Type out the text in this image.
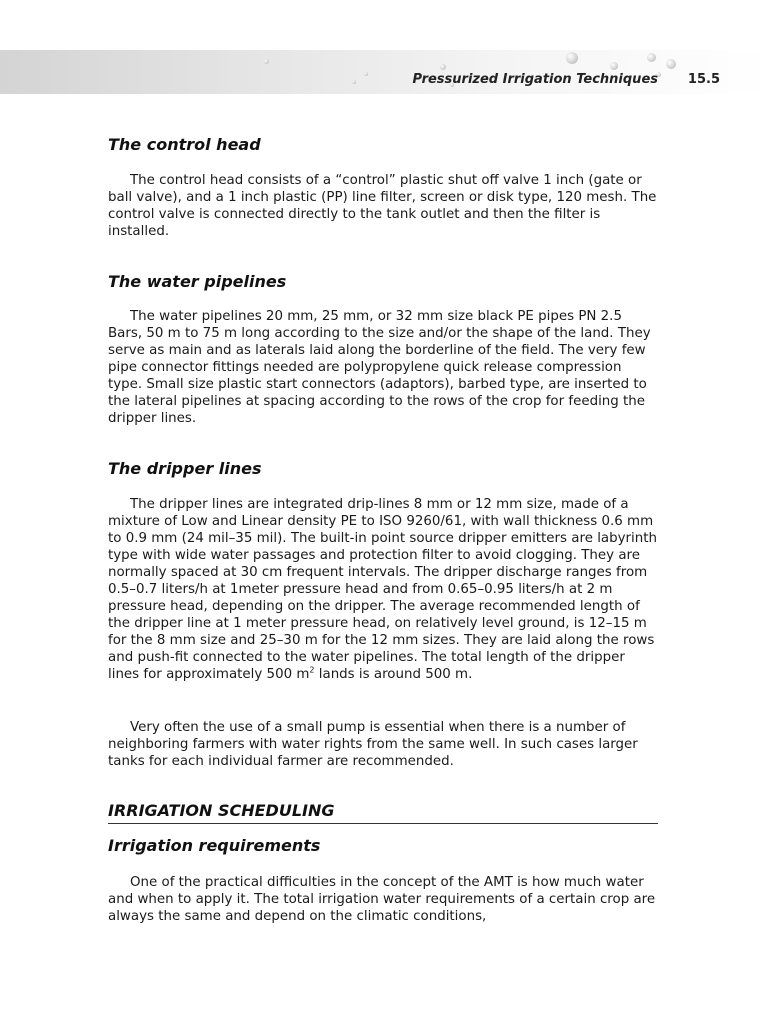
Pressurized Irrigation Techniques	15.5
The control head

The control head consists of a “control” plastic shut off valve 1 inch (gate or ball valve), and a 1 inch plastic (PP) line filter, screen or disk type, 120 mesh. The control valve is connected directly to the tank outlet and then the filter is installed.

The water pipelines

The water pipelines 20 mm, 25 mm, or 32 mm size black PE pipes PN 2.5 Bars, 50 m to 75 m long according to the size and/or the shape of the land. They serve as main and as laterals laid along the borderline of the field. The very few pipe connector fittings needed are polypropylene quick release compression type. Small size plastic start connectors (adaptors), barbed type, are inserted to the lateral pipelines at spacing according to the rows of the crop for feeding the dripper lines.

The dripper lines

The dripper lines are integrated drip-lines 8 mm or 12 mm size, made of a mixture of Low and Linear density PE to ISO 9260/61, with wall thickness 0.6 mm to 0.9 mm (24 mil–35 mil). The built-in point source dripper emitters are labyrinth type with wide water passages and protection filter to avoid clogging. They are normally spaced at 30 cm frequent intervals. The dripper discharge ranges from 0.5–0.7 liters/h at 1meter pressure head and from 0.65–0.95 liters/h at 2 m pressure head, depending on the dripper. The average recommended length of the dripper line at 1 meter pressure head, on relatively level ground, is 12–15 m for the 8 mm size and 25–30 m for the 12 mm sizes. They are laid along the rows and push-fit connected to the water pipelines. The total length of the dripper lines for approximately 500 $m^2$ lands is around 500 m.

Very often the use of a small pump is essential when there is a number of neighboring farmers with water rights from the same well. In such cases larger tanks for each individual farmer are recommended.

IRRIGATION SCHEDULING
Irrigation requirements

One of the practical difficulties in the concept of the AMT is how much water and when to apply it. The total irrigation water requirements of a certain crop are always the same and depend on the climatic conditions,
